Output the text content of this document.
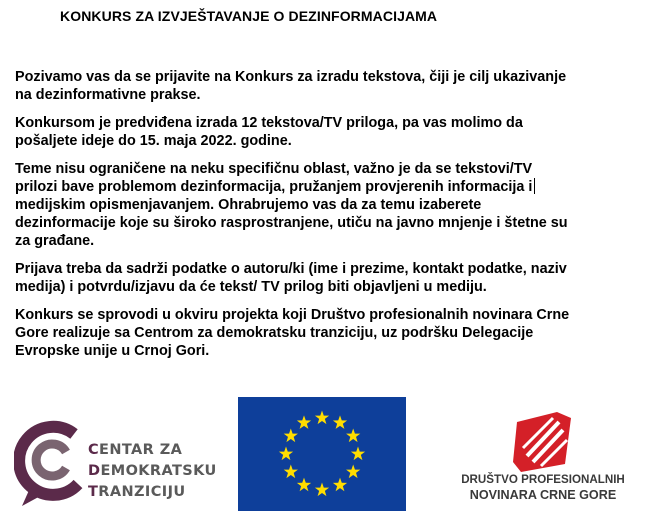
KONKURS ZA IZVJEŠTAVANJE O DEZINFORMACIJAMA

Pozivamo vas da se prijavite na Konkurs za izradu tekstova, čiji je cilj ukazivanje
na dezinformativne prakse.

Konkursom je predviđena izrada 12 tekstova/TV priloga, pa vas molimo da
pošaljete ideje do 15. maja 2022. godine.

Teme nisu ograničene na neku specifičnu oblast, važno je da se tekstovi/TV
prilozi bave problemom dezinformacija, pružanjem provjerenih informacija i
medijskim opismenjavanjem. Ohrabrujemo vas da za temu izaberete
dezinformacije koje su široko rasprostranjene, utiču na javno mnjenje i štetne su
za građane.

Prijava treba da sadrži podatke o autoru/ki (ime i prezime, kontakt podatke, naziv
medija) i potvrdu/izjavu da će tekst/ TV prilog biti objavljeni u mediju.

Konkurs se sprovodi u okviru projekta koji Društvo profesionalnih novinara Crne
Gore realizuje sa Centrom za demokratsku tranziciju, uz podršku Delegacije
Evropske unije u Crnoj Gori.

CENTAR ZA
DEMOKRATSKU
TRANZICIJU
DRUŠTVO PROFESIONALNIH
NOVINARA CRNE GORE
